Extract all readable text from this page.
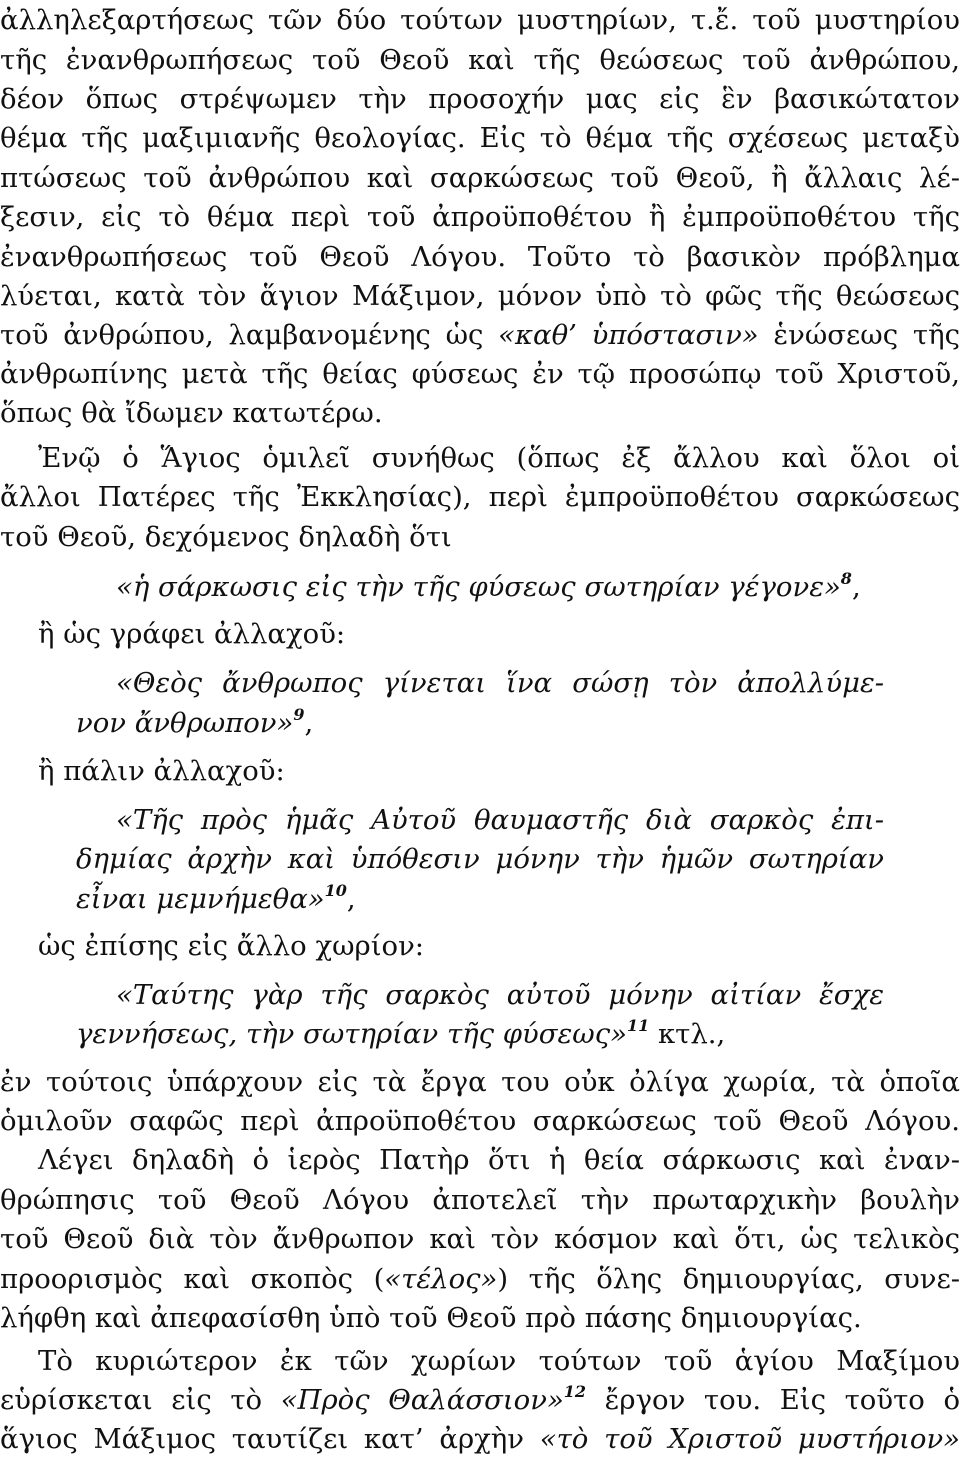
ἀλληλεξαρτήσεως τῶν δύο τούτων μυστηρίων, τ.ἔ. τοῦ μυστηρίου
τῆς ἐνανθρωπήσεως τοῦ Θεοῦ καὶ τῆς θεώσεως τοῦ ἀνθρώπου,
δέον ὅπως στρέψωμεν τὴν προσοχήν μας εἰς ἓν βασικώτατον
θέμα τῆς μαξιμιανῆς θεολογίας. Εἰς τὸ θέμα τῆς σχέσεως μεταξὺ
πτώσεως τοῦ ἀνθρώπου καὶ σαρκώσεως τοῦ Θεοῦ, ἢ ἄλλαις λέ-
ξεσιν, εἰς τὸ θέμα περὶ τοῦ ἀπροϋποθέτου ἢ ἐμπροϋποθέτου τῆς
ἐνανθρωπήσεως τοῦ Θεοῦ Λόγου. Τοῦτο τὸ βασικὸν πρόβλημα
λύεται, κατὰ τὸν ἅγιον Μάξιμον, μόνον ὑπὸ τὸ φῶς τῆς θεώσεως
τοῦ ἀνθρώπου, λαμβανομένης ὡς «καθ’ ὑπόστασιν» ἑνώσεως τῆς
ἀνθρωπίνης μετὰ τῆς θείας φύσεως ἐν τῷ προσώπῳ τοῦ Χριστοῦ,
ὅπως θὰ ἴδωμεν κατωτέρω.
Ἐνῷ ὁ Ἅγιος ὁμιλεῖ συνήθως (ὅπως ἐξ ἄλλου καὶ ὅλοι οἱ
ἄλλοι Πατέρες τῆς Ἐκκλησίας), περὶ ἐμπροϋποθέτου σαρκώσεως
τοῦ Θεοῦ, δεχόμενος δηλαδὴ ὅτι
«ἡ σάρκωσις εἰς τὴν τῆς φύσεως σωτηρίαν γέγονε»$^8$,
ἢ ὡς γράφει ἀλλαχοῦ:
«Θεὸς ἄνθρωπος γίνεται ἵνα σώσῃ τὸν ἀπολλύμε-
νον ἄνθρωπον»$^9$,
ἢ πάλιν ἀλλαχοῦ:
«Τῆς πρὸς ἡμᾶς Αὐτοῦ θαυμαστῆς διὰ σαρκὸς ἐπι-
δημίας ἀρχὴν καὶ ὑπόθεσιν μόνην τὴν ἡμῶν σωτηρίαν
εἶναι μεμνήμεθα»$^{10}$,
ὡς ἐπίσης εἰς ἄλλο χωρίον:
«Ταύτης γὰρ τῆς σαρκὸς αὐτοῦ μόνην αἰτίαν ἔσχε
γεννήσεως, τὴν σωτηρίαν τῆς φύσεως»$^{11}$ κτλ.,
ἐν τούτοις ὑπάρχουν εἰς τὰ ἔργα του οὐκ ὀλίγα χωρία, τὰ ὁποῖα
ὁμιλοῦν σαφῶς περὶ ἀπροϋποθέτου σαρκώσεως τοῦ Θεοῦ Λόγου.
Λέγει δηλαδὴ ὁ ἱερὸς Πατὴρ ὅτι ἡ θεία σάρκωσις καὶ ἐναν-
θρώπησις τοῦ Θεοῦ Λόγου ἀποτελεῖ τὴν πρωταρχικὴν βουλὴν
τοῦ Θεοῦ διὰ τὸν ἄνθρωπον καὶ τὸν κόσμον καὶ ὅτι, ὡς τελικὸς
προορισμὸς καὶ σκοπὸς («τέλος») τῆς ὅλης δημιουργίας, συνε-
λήφθη καὶ ἀπεφασίσθη ὑπὸ τοῦ Θεοῦ πρὸ πάσης δημιουργίας.
Τὸ κυριώτερον ἐκ τῶν χωρίων τούτων τοῦ ἁγίου Μαξίμου
εὑρίσκεται εἰς τὸ «Πρὸς Θαλάσσιον»$^{12}$ ἔργον του. Εἰς τοῦτο ὁ
ἅγιος Μάξιμος ταυτίζει κατ’ ἀρχὴν «τὸ τοῦ Χριστοῦ μυστήριον»
